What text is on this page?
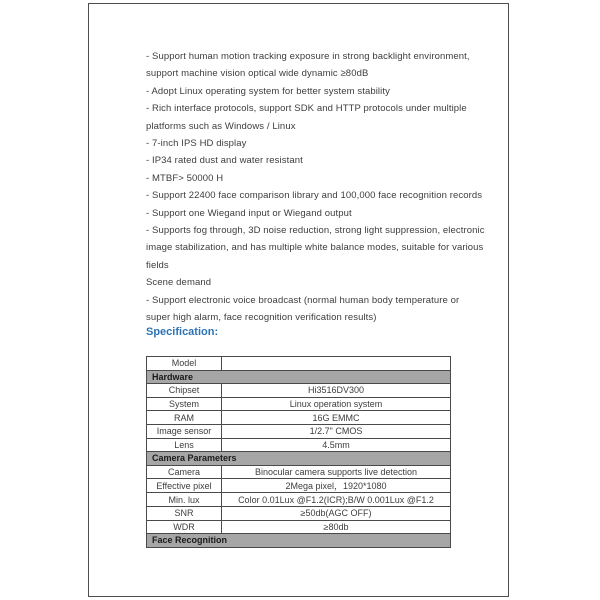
- Support human motion tracking exposure in strong backlight environment,
support machine vision optical wide dynamic ≥80dB
- Adopt Linux operating system for better system stability
- Rich interface protocols, support SDK and HTTP protocols under multiple
platforms such as Windows / Linux
- 7-inch IPS HD display
- IP34 rated dust and water resistant
- MTBF> 50000 H
- Support 22400 face comparison library and 100,000 face recognition records
- Support one Wiegand input or Wiegand output
- Supports fog through, 3D noise reduction, strong light suppression, electronic
image stabilization, and has multiple white balance modes, suitable for various
fields
Scene demand
- Support electronic voice broadcast (normal human body temperature or
super high alarm, face recognition verification results)
Specification:
Model	
Hardware	
Chipset	Hi3516DV300
System	Linux operation system
RAM	16G EMMC
Image sensor	1/2.7" CMOS
Lens	4.5mm
Camera Parameters	
Camera	Binocular camera supports live detection
Effective pixel	2Mega pixel，1920*1080
Min. lux	Color 0.01Lux @F1.2(ICR);B/W 0.001Lux @F1.2
SNR	≥50db(AGC OFF)
WDR	≥80db
Face Recognition	
